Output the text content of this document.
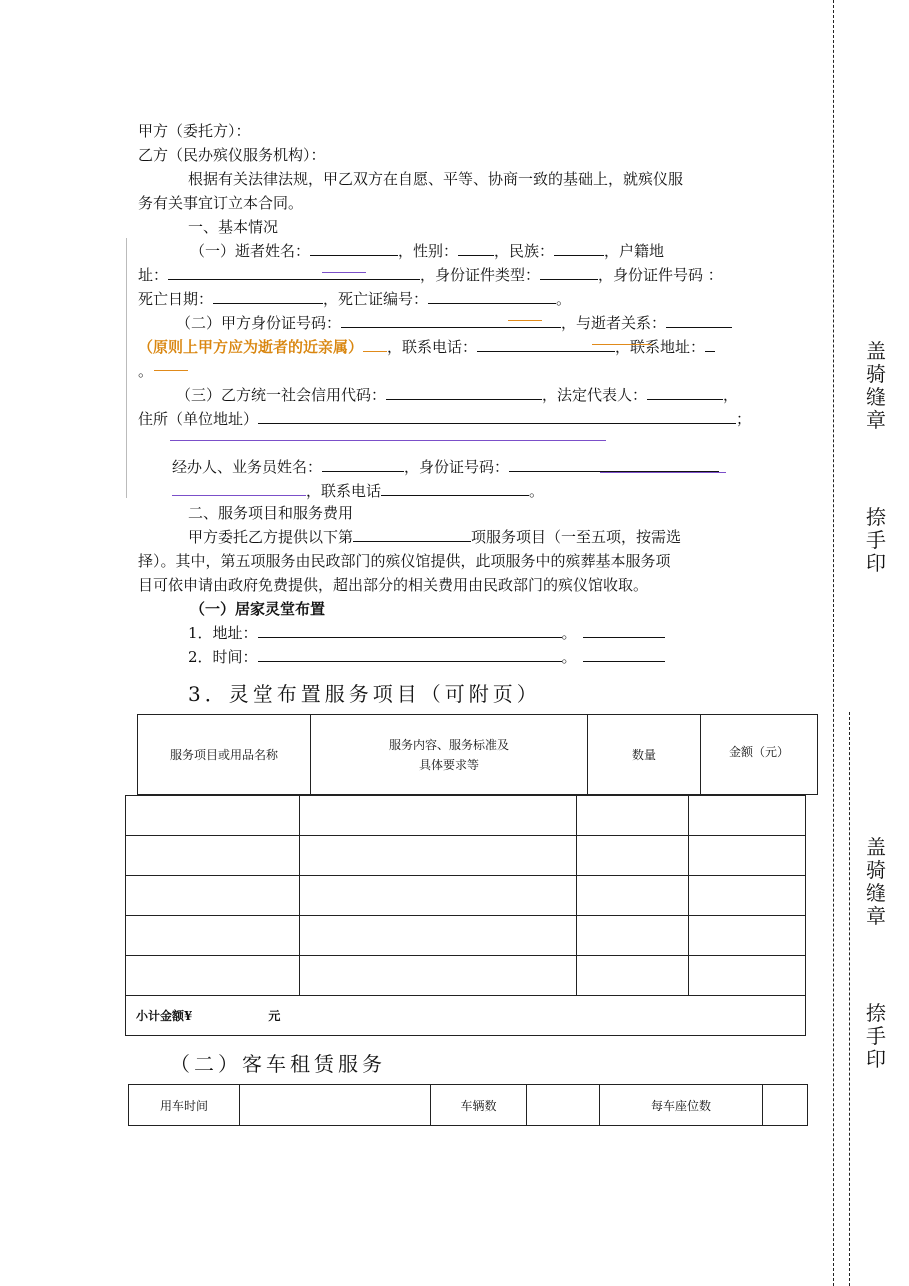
盖骑缝章
捺手印
盖骑缝章
捺手印
甲方（委托方）：
乙方（民办殡仪服务机构）：
根据有关法律法规，甲乙双方在自愿、平等、协商一致的基础上，就殡仪服
务有关事宜订立本合同。
一、基本情况
（一）逝者姓名：	，性别： ，民族：	，户籍地
址：	，身份证件类型：	，身份证件号码 ：
死亡日期：	，死亡证编号：	。
（二）甲方身份证号码：	，与逝者关系：
（原则上甲方应为逝者的近亲属） ，联系电话：	，联系地址：
。
（三）乙方统一社会信用代码：	，法定代表人：	，
住所（单位地址）	；
经办人、业务员姓名：	，身份证号码：
，联系电话	。
二、服务项目和服务费用
甲方委托乙方提供以下第	项服务项目（一至五项，按需选
择）。其中，第五项服务由民政部门的殡仪馆提供，此项服务中的殡葬基本服务项
目可依申请由政府免费提供，超出部分的相关费用由民政部门的殡仪馆收取。
（一）居家灵堂布置
1．地址：	。
2．时间：	。
3．灵堂布置服务项目（可附页）
服务项目或用品名称	服务内容、服务标准及
具体要求等	数量	金额（元）

小计金额¥ 元			
（二）客车租赁服务
用车时间		车辆数		每车座位数	
